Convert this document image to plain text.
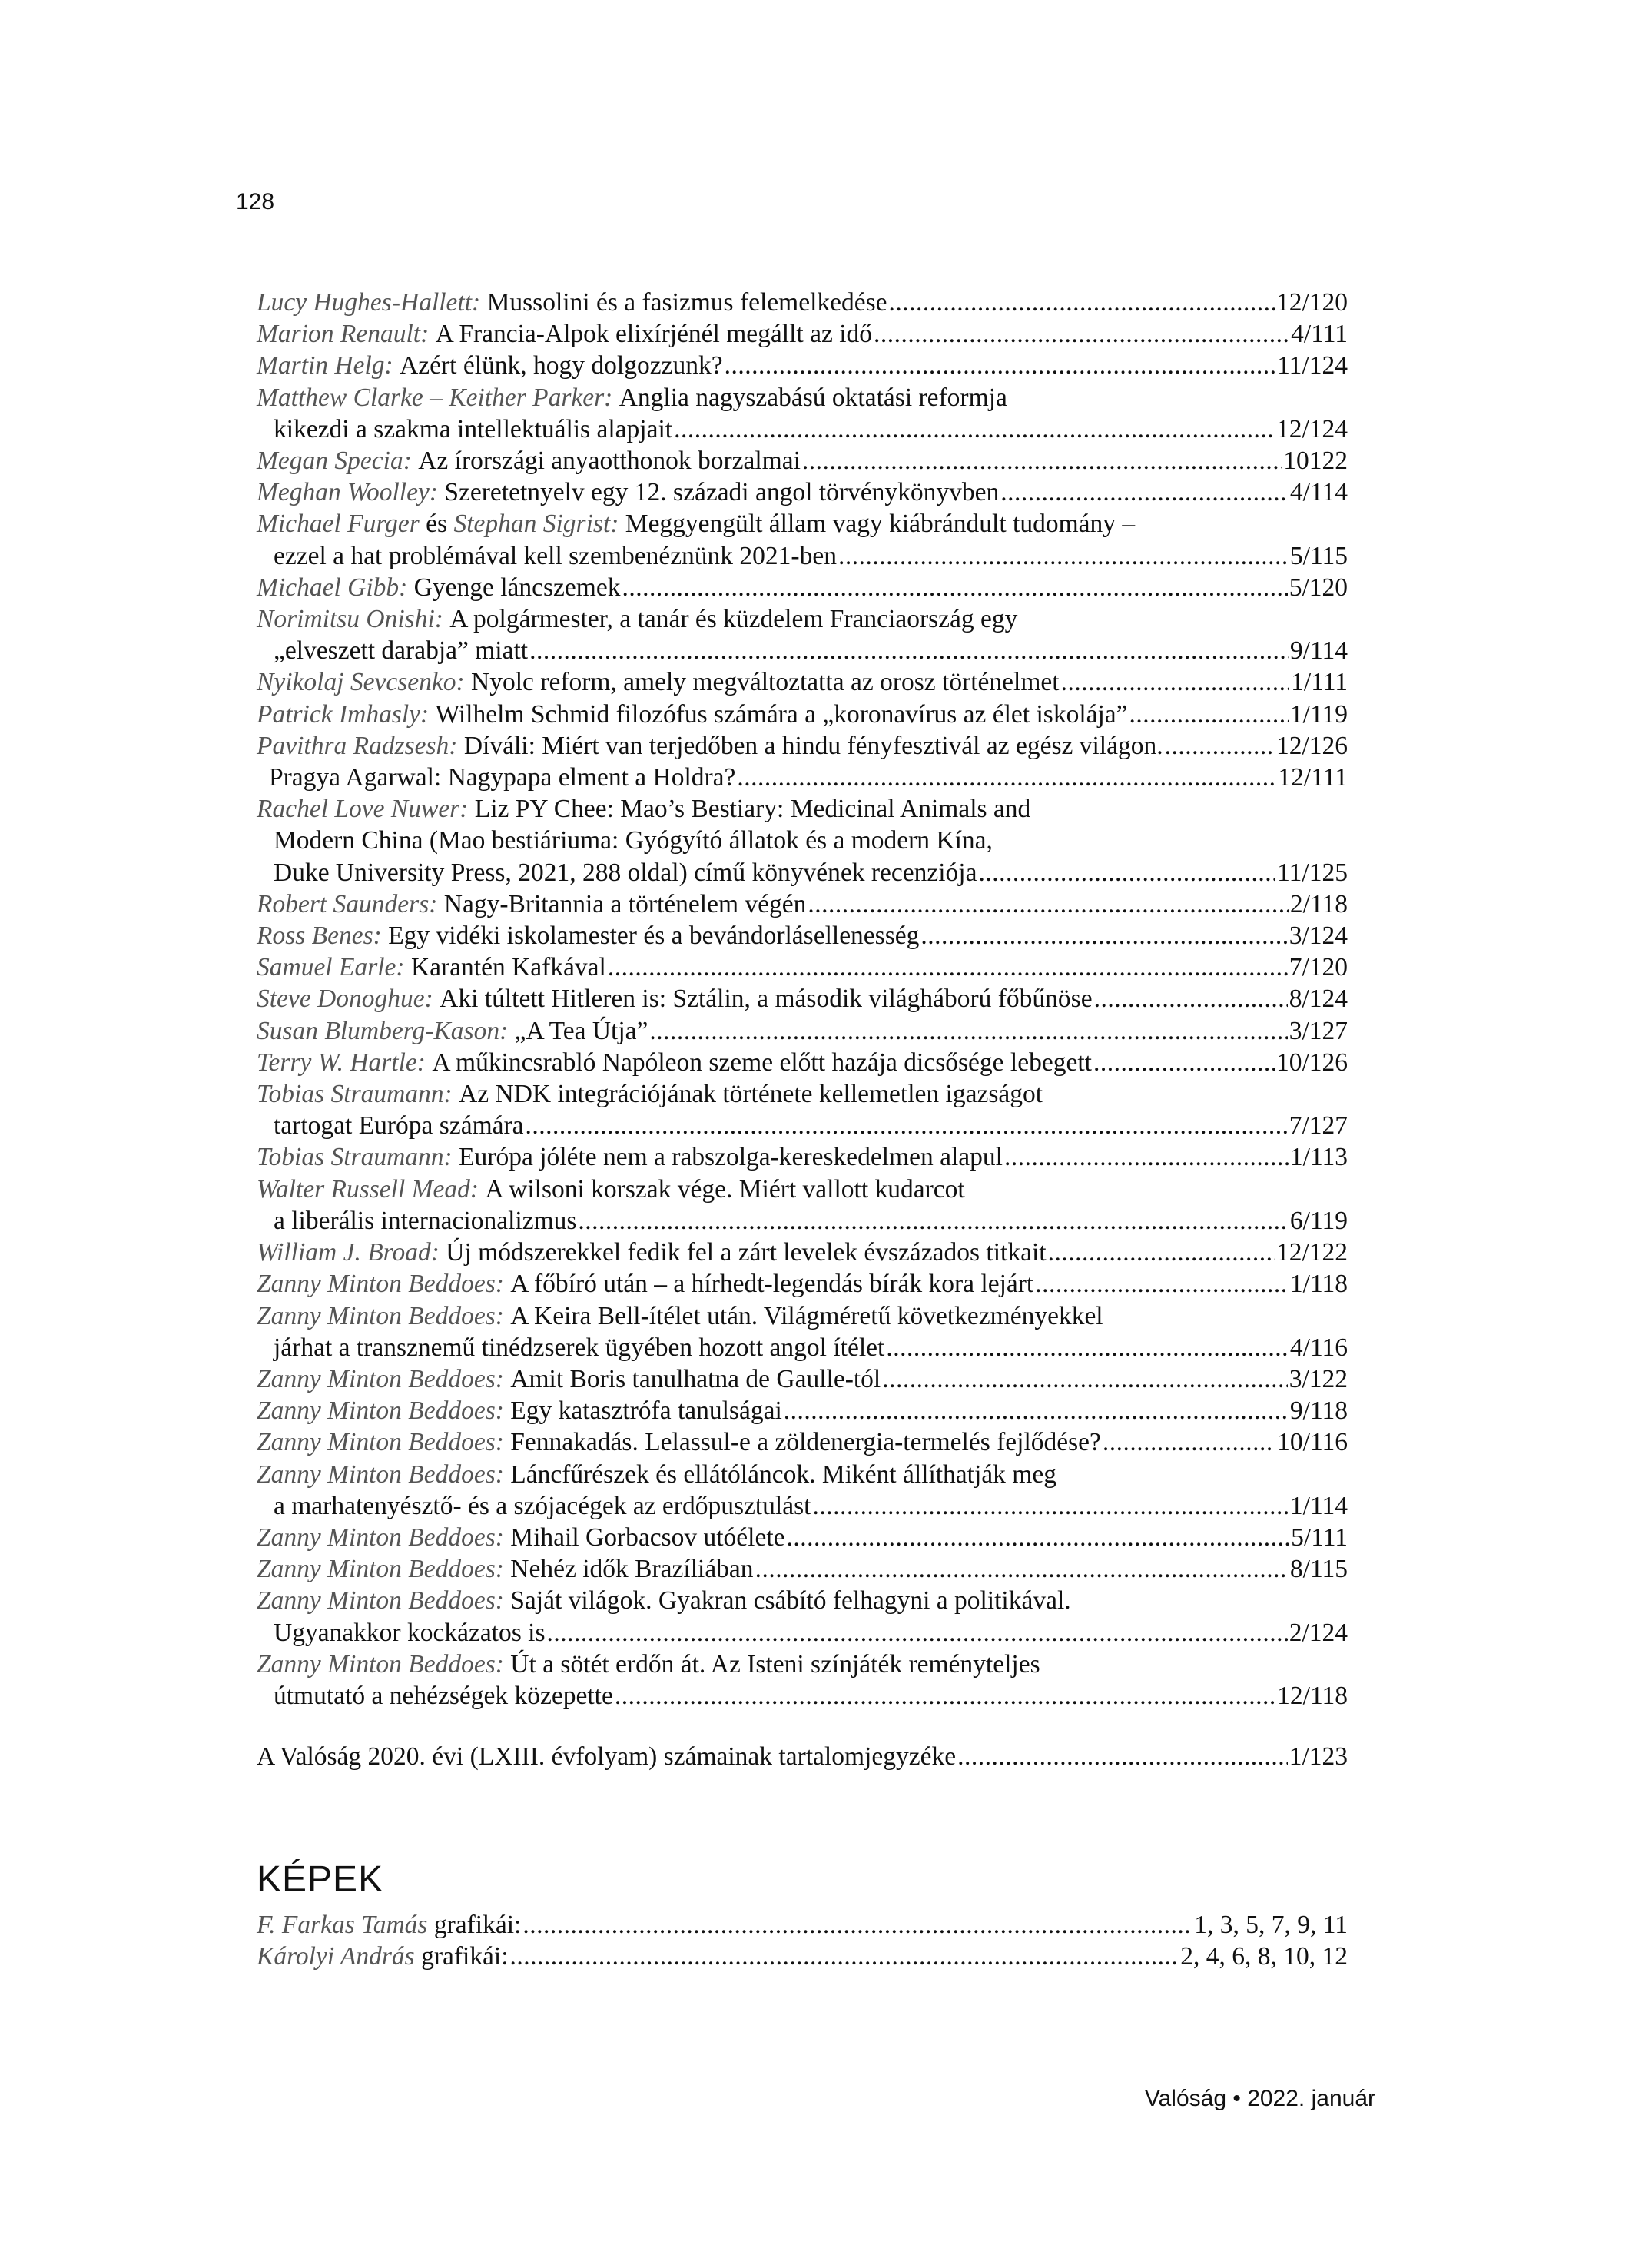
128
Lucy Hughes-Hallett:
Mussolini és a fasizmus felemelkedése .....	12/120
Marion Renault:
A Francia-Alpok elixírjénél megállt az idő .....	4/111
Martin Helg:
Azért élünk, hogy dolgozzunk? .....	11/124
Matthew Clarke – Keither Parker:
Anglia nagyszabású oktatási reformja
kikezdi a szakma intellektuális alapjait .....	12/124
Megan Specia:
Az írországi anyaotthonok borzalmai .....	10122
Meghan Woolley:
Szeretetnyelv egy 12. századi angol törvénykönyvben .....	4/114
Michael Furger
és
Stephan Sigrist:
Meggyengült állam vagy kiábrándult tudomány –
ezzel a hat problémával kell szembenéznünk 2021-ben .....	5/115
Michael Gibb:
Gyenge láncszemek .....	5/120
Norimitsu Onishi:
A polgármester, a tanár és küzdelem Franciaország egy
„elveszett darabja” miatt .....	9/114
Nyikolaj Sevcsenko:
Nyolc reform, amely megváltoztatta az orosz történelmet .....	1/111
Patrick Imhasly:
Wilhelm Schmid filozófus számára a „koronavírus az élet iskolája” .....	1/119
Pavithra Radzsesh:
Díváli: Miért van terjedőben a hindu fényfesztivál az egész világon. .....	12/126
Pragya Agarwal: Nagypapa elment a Holdra? .....	12/111
Rachel Love Nuwer:
Liz PY Chee: Mao’s Bestiary: Medicinal Animals and
Modern China (Mao bestiáriuma: Gyógyító állatok és a modern Kína,
Duke University Press, 2021, 288 oldal) című könyvének recenziója .....	11/125
Robert Saunders:
Nagy-Britannia a történelem végén .....	2/118
Ross Benes:
Egy vidéki iskolamester és a bevándorlásellenesség .....	3/124
Samuel Earle:
Karantén Kafkával .....	7/120
Steve Donoghue:
Aki túltett Hitleren is: Sztálin, a második világháború főbűnöse .....	8/124
Susan Blumberg-Kason:
„A Tea Útja” .....	3/127
Terry W. Hartle:
A műkincsrabló Napóleon szeme előtt hazája dicsősége lebegett .....	10/126
Tobias Straumann:
Az NDK integrációjának története kellemetlen igazságot
tartogat Európa számára .....	7/127
Tobias Straumann:
Európa jóléte nem a rabszolga-kereskedelmen alapul .....	1/113
Walter Russell Mead:
A wilsoni korszak vége. Miért vallott kudarcot
a liberális internacionalizmus .....	6/119
William J. Broad:
Új módszerekkel fedik fel a zárt levelek évszázados titkait .....	12/122
Zanny Minton Beddoes:
A főbíró után – a hírhedt-legendás bírák kora lejárt .....	1/118
Zanny Minton Beddoes:
A Keira Bell-ítélet után. Világméretű következményekkel
járhat a transznemű tinédzserek ügyében hozott angol ítélet .....	4/116
Zanny Minton Beddoes:
Amit Boris tanulhatna de Gaulle-tól .....	3/122
Zanny Minton Beddoes:
Egy katasztrófa tanulságai .....	9/118
Zanny Minton Beddoes:
Fennakadás. Lelassul-e a zöldenergia-termelés fejlődése? .....	10/116
Zanny Minton Beddoes:
Láncfűrészek és ellátóláncok. Miként állíthatják meg
a marhatenyésztő- és a szójacégek az erdőpusztulást .....	1/114
Zanny Minton Beddoes:
Mihail Gorbacsov utóélete .....	5/111
Zanny Minton Beddoes:
Nehéz idők Brazíliában .....	8/115
Zanny Minton Beddoes:
Saját világok. Gyakran csábító felhagyni a politikával.
Ugyanakkor kockázatos is .....	2/124
Zanny Minton Beddoes:
Út a sötét erdőn át. Az Isteni színjáték reményteljes
útmutató a nehézségek közepette .....	12/118
A Valóság 2020. évi (LXIII. évfolyam) számainak tartalomjegyzéke .....	1/123
KÉPEK
F. Farkas Tamás
grafikái: .....	1, 3, 5, 7, 9, 11
Károlyi András
grafikái: .....	2, 4, 6, 8, 10, 12
Valóság • 2022. január
